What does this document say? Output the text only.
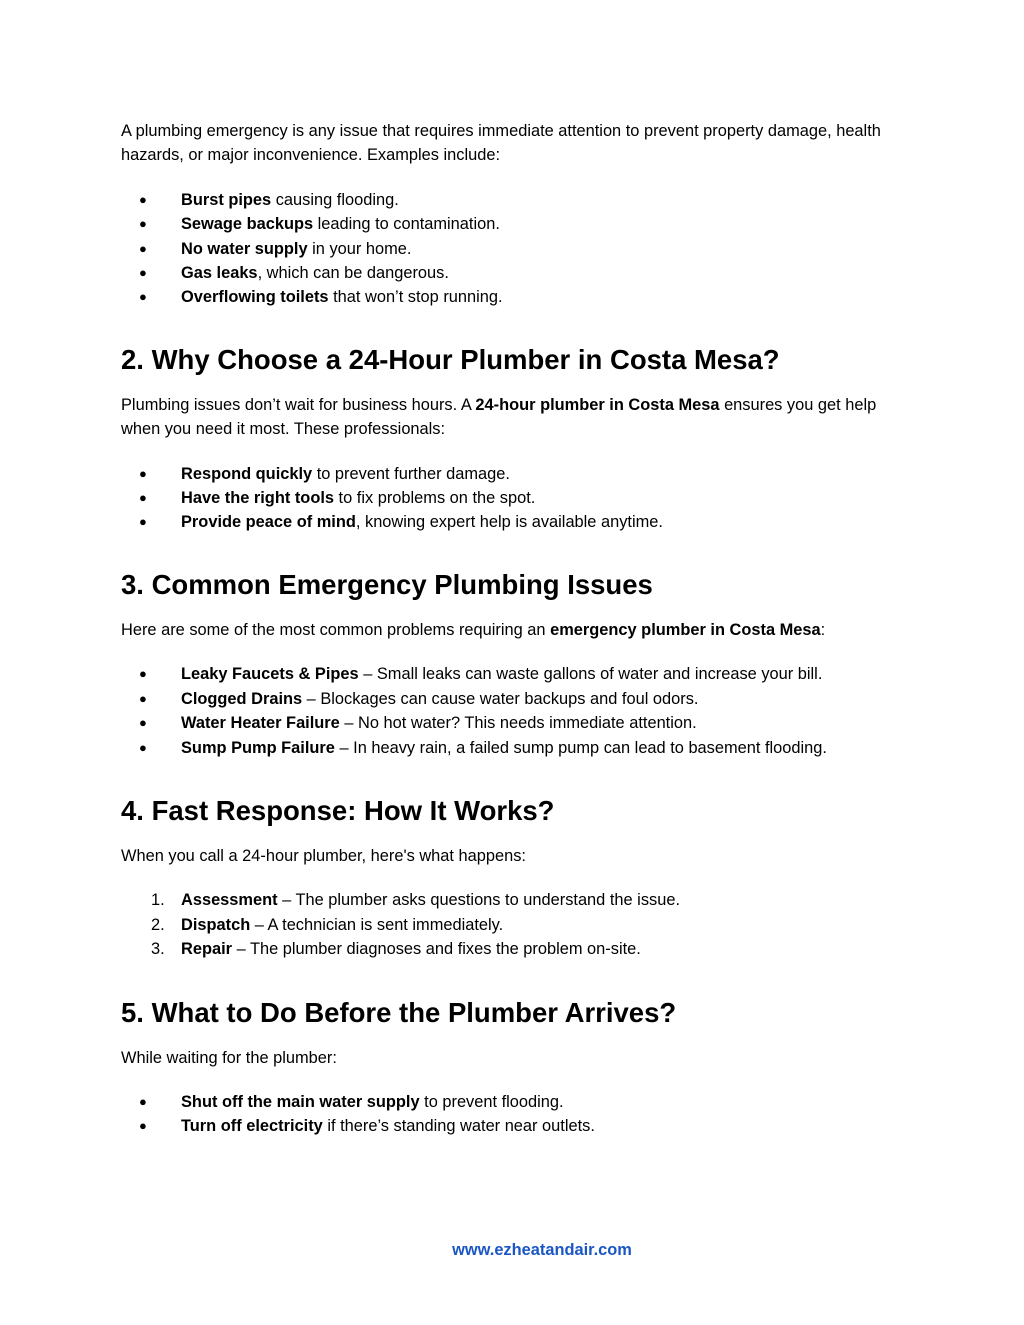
A plumbing emergency is any issue that requires immediate attention to prevent property damage, health hazards, or major inconvenience. Examples include:

● Burst pipes causing flooding.
● Sewage backups leading to contamination.
● No water supply in your home.
● Gas leaks, which can be dangerous.
● Overflowing toilets that won’t stop running.
2. Why Choose a 24-Hour Plumber in Costa Mesa?

Plumbing issues don’t wait for business hours. A 24-hour plumber in Costa Mesa ensures you get help when you need it most. These professionals:

● Respond quickly to prevent further damage.
● Have the right tools to fix problems on the spot.
● Provide peace of mind, knowing expert help is available anytime.
3. Common Emergency Plumbing Issues

Here are some of the most common problems requiring an emergency plumber in Costa Mesa:

● Leaky Faucets & Pipes – Small leaks can waste gallons of water and increase your bill.
● Clogged Drains – Blockages can cause water backups and foul odors.
● Water Heater Failure – No hot water? This needs immediate attention.
● Sump Pump Failure – In heavy rain, a failed sump pump can lead to basement flooding.
4. Fast Response: How It Works?

When you call a 24-hour plumber, here's what happens:

1. Assessment – The plumber asks questions to understand the issue.
2. Dispatch – A technician is sent immediately.
3. Repair – The plumber diagnoses and fixes the problem on-site.
5. What to Do Before the Plumber Arrives?

While waiting for the plumber:

● Shut off the main water supply to prevent flooding.
● Turn off electricity if there’s standing water near outlets.
www.ezheatandair.com
